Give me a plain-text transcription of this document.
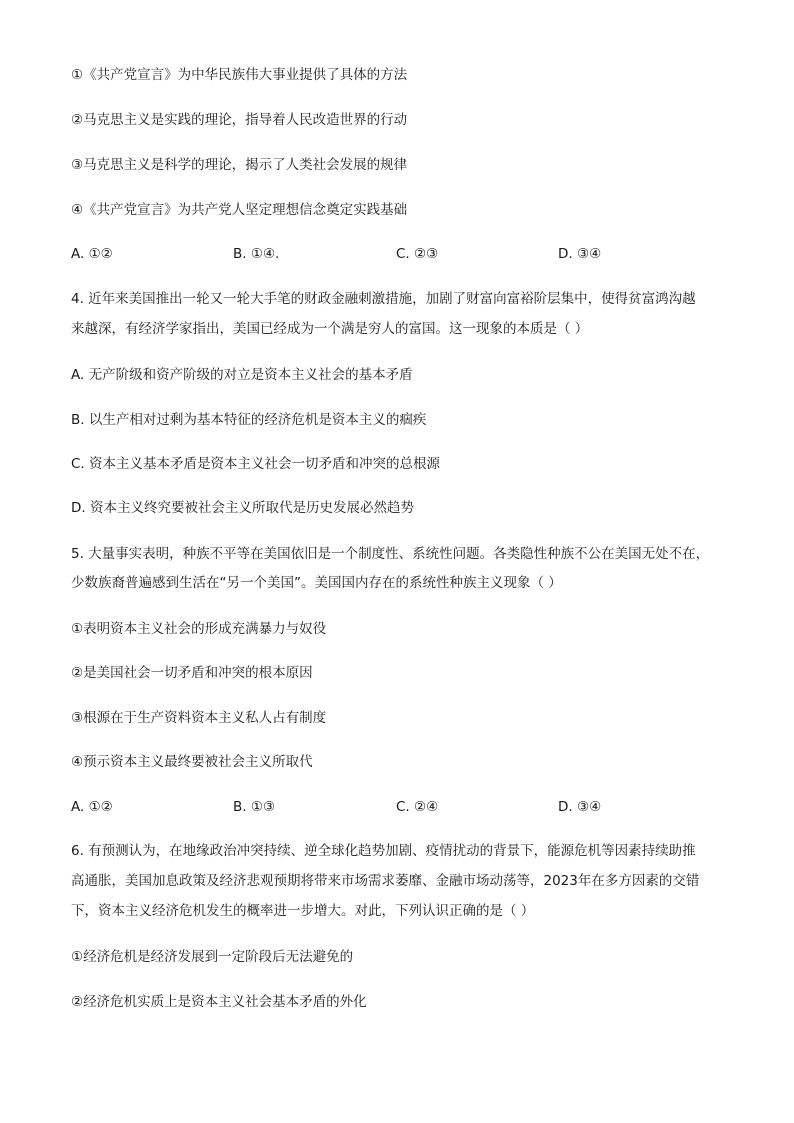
①《共产党宣言》为中华民族伟大事业提供了具体的方法
②马克思主义是实践的理论，指导着人民改造世界的行动
③马克思主义是科学的理论，揭示了人类社会发展的规律
④《共产党宣言》为共产党人坚定理想信念奠定实践基础
A. ①②	B. ①④.	C. ②③	D. ③④
4. 近年来美国推出一轮又一轮大手笔的财政金融刺激措施，加剧了财富向富裕阶层集中，使得贫富鸿沟越
来越深，有经济学家指出，美国已经成为一个满是穷人的富国。这一现象的本质是（ ）
A. 无产阶级和资产阶级的对立是资本主义社会的基本矛盾
B. 以生产相对过剩为基本特征的经济危机是资本主义的痼疾
C. 资本主义基本矛盾是资本主义社会一切矛盾和冲突的总根源
D. 资本主义终究要被社会主义所取代是历史发展必然趋势
5. 大量事实表明，种族不平等在美国依旧是一个制度性、系统性问题。各类隐性种族不公在美国无处不在，
少数族裔普遍感到生活在“另一个美国”。美国国内存在的系统性种族主义现象（ ）
①表明资本主义社会的形成充满暴力与奴役
②是美国社会一切矛盾和冲突的根本原因
③根源在于生产资料资本主义私人占有制度
④预示资本主义最终要被社会主义所取代
A. ①②	B. ①③	C. ②④	D. ③④
6. 有预测认为，在地缘政治冲突持续、逆全球化趋势加剧、疫情扰动的背景下，能源危机等因素持续助推
高通胀，美国加息政策及经济悲观预期将带来市场需求萎靡、金融市场动荡等，2023年在多方因素的交错
下，资本主义经济危机发生的概率进一步增大。对此，下列认识正确的是（ ）
①经济危机是经济发展到一定阶段后无法避免的
②经济危机实质上是资本主义社会基本矛盾的外化
